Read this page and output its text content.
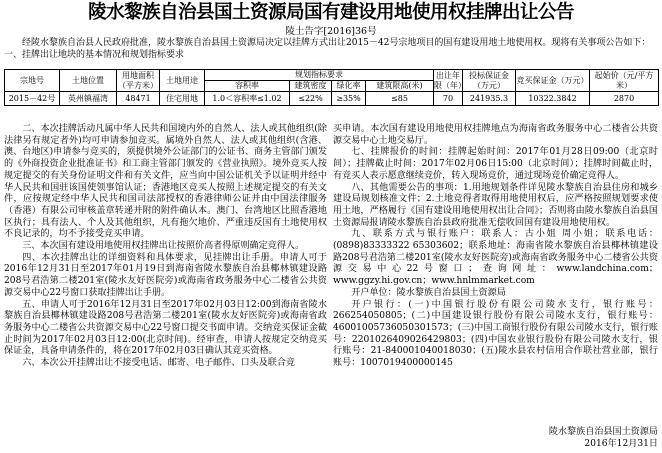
陵水黎族自治县国土资源局国有建设用地使用权挂牌出让公告
陵土告字[2016]36号

经陵水黎族自治县人民政府批准，陵水黎族自治县国土资源局决定以挂牌方式出让2015－42号宗地项目的国有建设用地土地使用权。现将有关事项公告如下：一、挂牌出让地块的基本情况和规划指标要求

宗地号	土地位置	用地面积（平方米）	土地用途	规划指标要求				出让年限（年）	投标保证金（万元）	竞买保证金（万元）	起始价（元/平方米）
				容积率	建筑密度	绿化率	建筑限高(米)				
2015－42号	英州镇福湾	48471	住宅用地	1.0＜容积率≤1.02	≤22%	≥35%	≤85	70	241935.3	10322.3842	2870

二、本次挂牌活动凡属中华人民共和国境内外的自然人、法人或其他组织(除法律另有规定者外)均可申请参加竞买。属境外自然人、法人或其他组织(含港、澳、台地区)申请参与竞买的，须提供境外公证部门的公证书、商务主管部门颁发的《外商投资企业批准证书》和工商主管部门颁发的《营业执照》。境外竞买人按规定提交的有关身份证明文件和有关文件，应当向中国公证机关予以证明并经中华人民共和国驻该国使领事馆认证；香港地区竞买人按照上述规定提交的有关文件，应按规定经中华人民共和国司法部授权的香港律师公证并由中国法律服务（香港）有限公司审核盖章转递并附的附件确认本。澳门、台湾地区比照香港地区执行；具有法人、个人及其他组织，凡有拖欠地价、严重违反国有土地使用权不良记录的，均不予接受竞买申请。

三、本次国有建设用地使用权挂牌出让按照价高者得原则确定竞得人。

四、本次挂牌出让的详细资料和具体要求，见挂牌出让手册。申请人可于2016年12月31日至2017年01月19日到海南省陵水黎族自治县椰林镇建设路208号君浩第二楼201室(陵水友好医院旁)或海南省政务服务中心二楼省公共资源交易中心22号窗口获取挂牌出让手册。

五、申请人可于2016年12月31日至2017年02月03日12:00到海南省陵水黎族自治县椰林镇建设路208号君浩第二楼201室(陵水友好医院旁)或海南省政务服务中心二楼省公共资源交易中心22号窗口提交书面申请。交纳竞买保证金截止时间为2017年02月03日12:00(北京时间)。经审查，申请人按规定交纳竞买保证金，具备申请条件的，将在2017年02月03日确认其竞买资格。

六、本次公开挂牌出让不接受电话、邮寄、电子邮件、口头及联合竞

买申请。本次国有建设用地使用权挂牌地点为海南省政务服务中心二楼省公共资源交易中心土地交易厅。

七、挂牌报价的时间：挂牌起始时间：2017年01月28日09:00（北京时间）；挂牌截止时间：2017年02月06日15:00（北京时间）；挂牌时间截止时，有竞买人表示愿意继续竞价，转入现场竞价，通过现场竞价确定竞得人。

八、其他需要公告的事项：1.用地规划条件详见陵水黎族自治县住房和城乡建设局规划核准文件；2.土地竞得者取得用地使用权后，应严格按照规划要求使用土地，严格履行《国有建设用地使用权出让合同》；否则将由陵水黎族自治县国土资源局报请陵水黎族自治县政府批准无偿收回国有建设用地使用权。

九、联系方式与银行账户：联系人：古小姐 周小姐；联系电话：(0898)83333322 65303602；联系地址：海南省陵水黎族自治县椰林镇建设路208号君浩第二楼201室(陵水友好医院旁)或海南省政务服务中心二楼省公共资源交易中心22号窗口；查询网址：www.landchina.com；www.ggzy.hi.gov.cn；www.hnlmmarket.com

开户单位：陵水黎族自治县国土资源局

开户银行：(一)中国银行股份有限公司陵水支行，银行账号：266254050805；(二)中国建设银行股份有限公司陵水支行，银行账号：46001005736050301573；(三)中国工商银行股份有限公司陵水支行，银行账号：2201026409026429803；(四)中国农业银行股份有限公司陵水支行，银行账号：21-840001040018030；(五)陵水县农村信用合作联社营业部，银行账号：1007019400000145

陵水黎族自治县国土资源局
2016年12月31日
